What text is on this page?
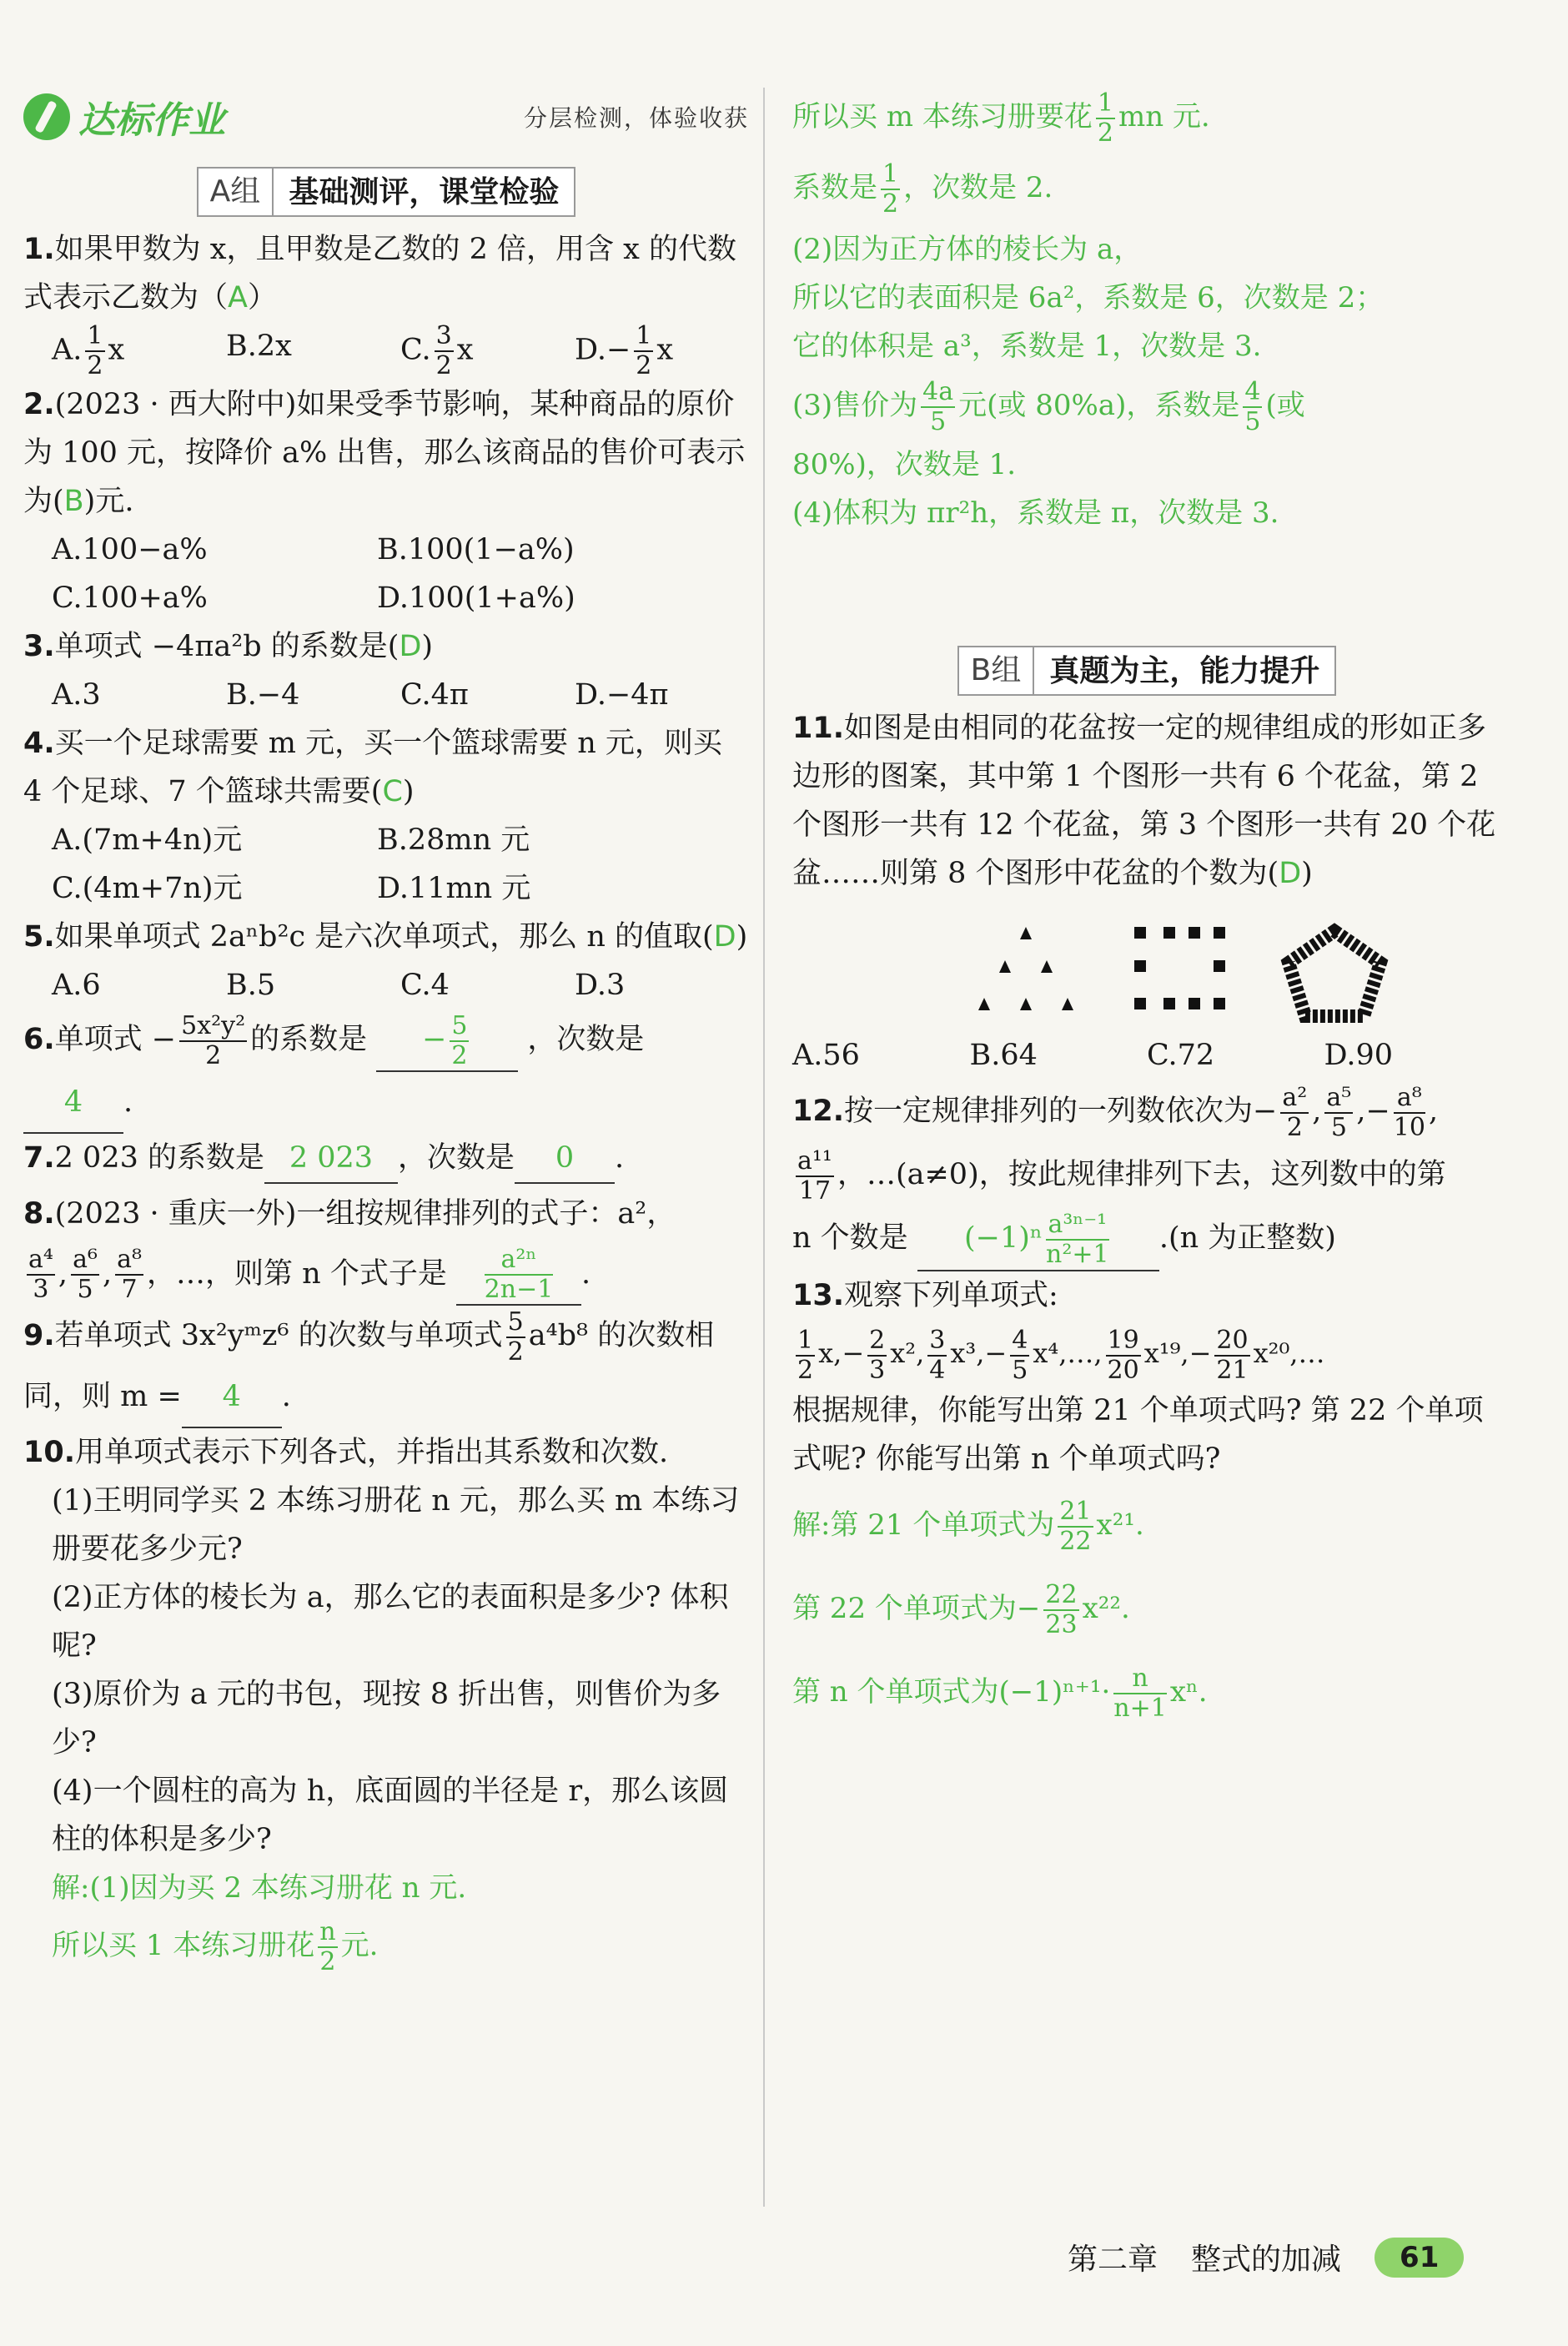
达标作业	分层检测，体验收获
A组 基础测评，课堂检验

1.如果甲数为 x，且甲数是乙数的 2 倍，用含 x 的代数式表示乙数为（A）

A. $\frac{1}{2}$ x	B.2x	C. $\frac{3}{2}$ x	$D.- \frac{1}{2}$ x

2.(2023 · 西大附中)如果受季节影响，某种商品的原价为 100 元，按降价 a% 出售，那么该商品的售价可表示为(B)元.

A.100−a%	B.100(1−a%)
C.100+a%	D.100(1+a%)

3.单项式 −4πa²b 的系数是(D)

A.3	B.−4	C.4π	D.−4π

4.买一个足球需要 m 元，买一个篮球需要 n 元，则买 4 个足球、7 个篮球共需要(C)

A.(7m+4n)元	B.28mn 元
C.(4m+7n)元	D.11mn 元

5.如果单项式 2aⁿb²c 是六次单项式，那么 n 的值取(D)

A.6	B.5	C.4	D.3

6.单项式 − $\frac{\text{5x²y²}}{2}$ 的系数是 − $\frac{5}{2}$ ，次数是
4 .

7.2 023 的系数是 2 023 ，次数是 0 .

8.(2023 · 重庆一外)一组按规律排列的式子：a²，

$\frac{\text{a⁴}}{3}$ , $\frac{\text{a⁶}}{5}$ , $\frac{\text{a⁸}}{7}$ ，…，则第 n 个式子是 $\frac{\text{a²ⁿ}}{2n-1}$ .

9.若单项式 3x²yᵐz⁶ 的次数与单项式 $\frac{5}{2} a^4b^8$ 的次数相同，则 m = 4 .

10.用单项式表示下列各式，并指出其系数和次数.

(1)王明同学买 2 本练习册花 n 元，那么买 m 本练习册要花多少元?

(2)正方体的棱长为 a，那么它的表面积是多少? 体积呢?

(3)原价为 a 元的书包，现按 8 折出售，则售价为多少?

(4)一个圆柱的高为 h，底面圆的半径是 r，那么该圆柱的体积是多少?

解:(1)因为买 2 本练习册花 n 元.

所以买 1 本练习册花 $\frac{n}{2}$ 元.

所以买 m 本练习册要花 $\frac{1}{2}$ mn 元.

系数是 $\frac{1}{2}$ ，次数是 2.

(2)因为正方体的棱长为 a，

所以它的表面积是 6a²，系数是 6，次数是 2；

它的体积是 a³，系数是 1，次数是 3.

(3)售价为 $\frac{4a}{5}$ 元(或 80%a)，系数是 $\frac{4}{5}$ (或

80%)，次数是 1.

(4)体积为 πr²h，系数是 π，次数是 3.

B组 真题为主，能力提升

11.如图是由相同的花盆按一定的规律组成的形如正多边形的图案，其中第 1 个图形一共有 6 个花盆，第 2 个图形一共有 12 个花盆，第 3 个图形一共有 20 个花盆……则第 8 个图形中花盆的个数为(D)

A.56	B.64	C.72	D.90

12.按一定规律排列的一列数依次为− $\frac{\text{a²}}{2}$ , $\frac{\text{a⁵}}{5}$ ,− $\frac{\text{a⁸}}{10}$ ,

$\frac{\text{a¹¹}}{17}$ ，…(a≠0)，按此规律排列下去，这列数中的第
n 个数是 $(-1)^n \frac{\text{a³ⁿ⁻¹}}{\text{n²+1}} .(n$ 为正整数)

13.观察下列单项式:

$\frac{1}{2} x,- \frac{2}{3} x^2$, $\frac{3}{4} x^3,- \frac{4}{5}$ x⁴,…, $\frac{19}{20} x^{19},- \frac{20}{21}$ x²⁰,…

根据规律，你能写出第 21 个单项式吗? 第 22 个单项式呢? 你能写出第 n 个单项式吗?

解:第 21 个单项式为 $\frac{21}{22} x^{21}$.

第 22 个单项式为− $\frac{22}{23} x^{22}$.

第 n 个单项式为$(-1)^{n+1}\cdot \frac{n}{n+1} x^n$.

第二章 整式的加减	61
